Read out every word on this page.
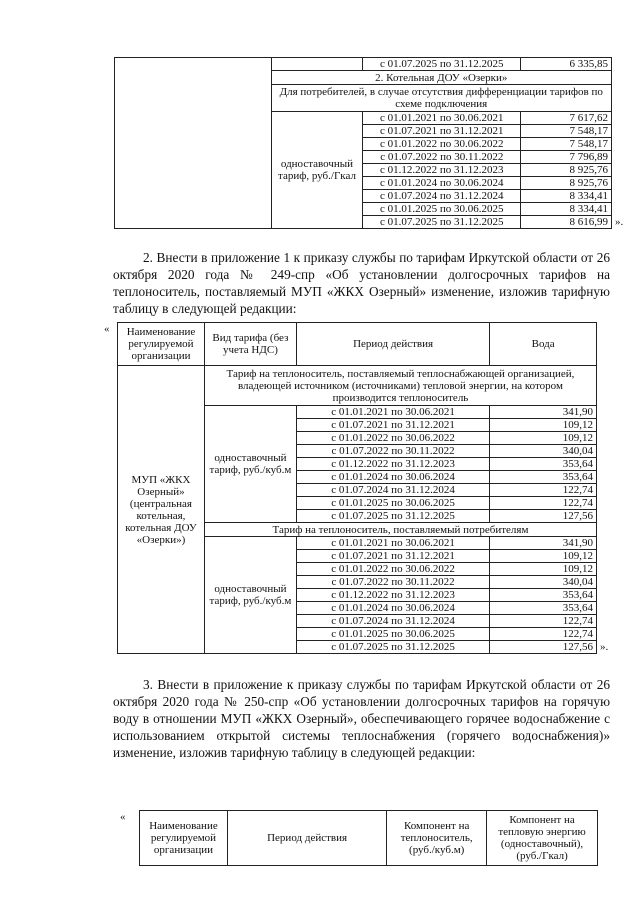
		с 01.07.2025 по 31.12.2025	6 335,85
	2. Котельная ДОУ «Озерки»		
	Для потребителей, в случае отсутствия дифференциации тарифов по схеме подключения		
	одноставочный тариф, руб./Гкал	с 01.01.2021 по 30.06.2021	7 617,62
		с 01.07.2021 по 31.12.2021	7 548,17
		с 01.01.2022 по 30.06.2022	7 548,17
		с 01.07.2022 по 30.11.2022	7 796,89
		с 01.12.2022 по 31.12.2023	8 925,76
		с 01.01.2024 по 30.06.2024	8 925,76
		с 01.07.2024 по 31.12.2024	8 334,41
		с 01.01.2025 по 30.06.2025	8 334,41
		с 01.07.2025 по 31.12.2025	8 616,99
2. Внести в приложение 1 к приказу службы по тарифам Иркутской области от 26 октября 2020 года № 249-спр «Об установлении долгосрочных тарифов на теплоноситель, поставляемый МУП «ЖКХ Озерный» изменение, изложив тарифную таблицу в следующей редакции:
« Наименование регулируемой организации	Вид тарифа (без учета НДС)	Период действия	Вода
МУП «ЖКХ Озерный» (центральная котельная, котельная ДОУ «Озерки»)	Тариф на теплоноситель, поставляемый теплоснабжающей организацией, владеющей источником (источниками) тепловой энергии, на котором производится теплоноситель		
	одноставочный тариф, руб./куб.м	с 01.01.2021 по 30.06.2021	341,90
		с 01.07.2021 по 31.12.2021	109,12
		с 01.01.2022 по 30.06.2022	109,12
		с 01.07.2022 по 30.11.2022	340,04
		с 01.12.2022 по 31.12.2023	353,64
		с 01.01.2024 по 30.06.2024	353,64
		с 01.07.2024 по 31.12.2024	122,74
		с 01.01.2025 по 30.06.2025	122,74
		с 01.07.2025 по 31.12.2025	127,56
	Тариф на теплоноситель, поставляемый потребителям		
	одноставочный тариф, руб./куб.м	с 01.01.2021 по 30.06.2021	341,90
		с 01.07.2021 по 31.12.2021	109,12
		с 01.01.2022 по 30.06.2022	109,12
		с 01.07.2022 по 30.11.2022	340,04
		с 01.12.2022 по 31.12.2023	353,64
		с 01.01.2024 по 30.06.2024	353,64
		с 01.07.2024 по 31.12.2024	122,74
		с 01.01.2025 по 30.06.2025	122,74
		с 01.07.2025 по 31.12.2025	127,56
3. Внести в приложение к приказу службы по тарифам Иркутской области от 26 октября 2020 года № 250-спр «Об установлении долгосрочных тарифов на горячую воду в отношении МУП «ЖКХ Озерный», обеспечивающего горячее водоснабжение с использованием открытой системы теплоснабжения (горячего водоснабжения)» изменение, изложив тарифную таблицу в следующей редакции:
«
Наименование регулируемой организации	Период действия	Компонент на теплоноситель, (руб./куб.м)	Компонент на тепловую энергию (одноставочный), (руб./Гкал)
».
».
